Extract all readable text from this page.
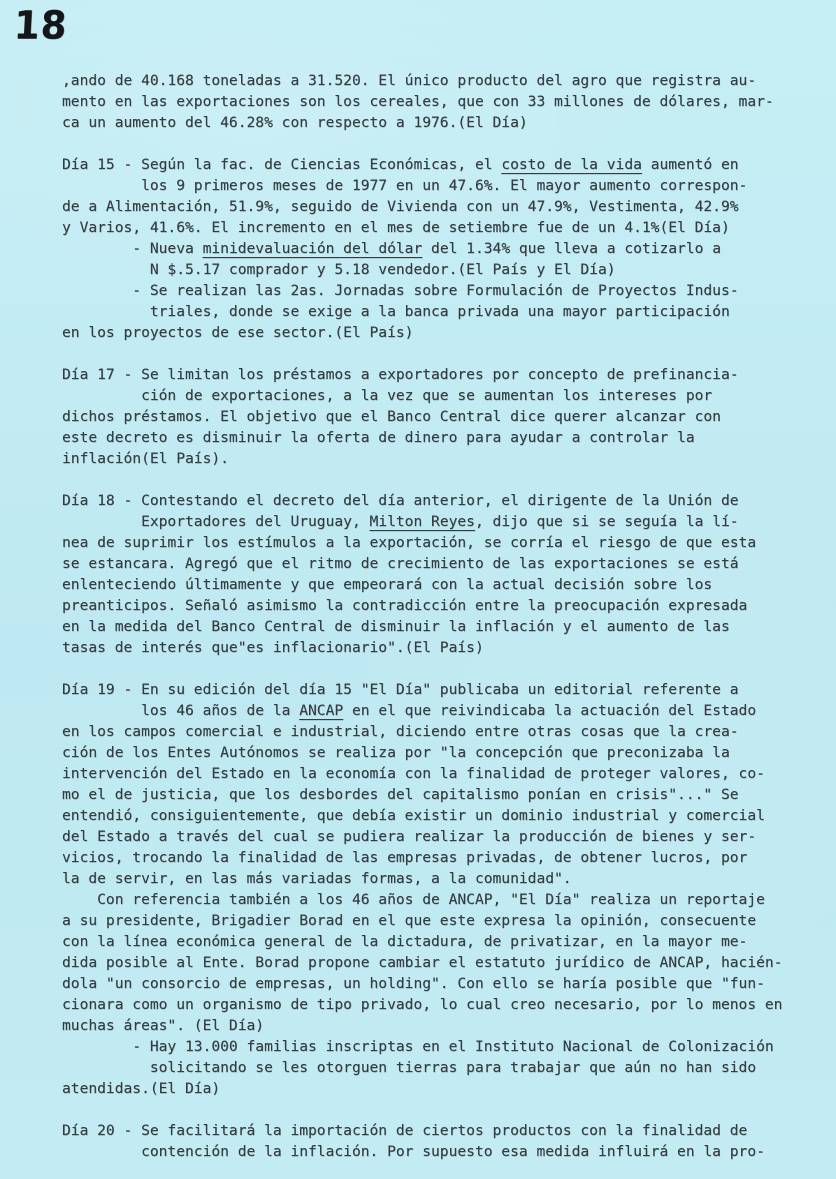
18
,ando de 40.168 toneladas a 31.520. El único producto del agro que registra au-
mento en las exportaciones son los cereales, que con 33 millones de dólares, mar-
ca un aumento del 46.28% con respecto a 1976.(El Día)
Día 15 - Según la fac. de Ciencias Económicas, el costo de la vida aumentó en
los 9 primeros meses de 1977 en un 47.6%. El mayor aumento correspon-
de a Alimentación, 51.9%, seguido de Vivienda con un 47.9%, Vestimenta, 42.9%
y Varios, 41.6%. El incremento en el mes de setiembre fue de un 4.1%(El Día)
- Nueva minidevaluación del dólar del 1.34% que lleva a cotizarlo a
N $.5.17 comprador y 5.18 vendedor.(El País y El Día)
- Se realizan las 2as. Jornadas sobre Formulación de Proyectos Indus-
triales, donde se exige a la banca privada una mayor participación
en los proyectos de ese sector.(El País)
Día 17 - Se limitan los préstamos a exportadores por concepto de prefinancia-
ción de exportaciones, a la vez que se aumentan los intereses por
dichos préstamos. El objetivo que el Banco Central dice querer alcanzar con
este decreto es disminuir la oferta de dinero para ayudar a controlar la
inflación(El País).
Día 18 - Contestando el decreto del día anterior, el dirigente de la Unión de
Exportadores del Uruguay, Milton Reyes, dijo que si se seguía la lí-
nea de suprimir los estímulos a la exportación, se corría el riesgo de que esta
se estancara. Agregó que el ritmo de crecimiento de las exportaciones se está
enlenteciendo últimamente y que empeorará con la actual decisión sobre los
preanticipos. Señaló asimismo la contradicción entre la preocupación expresada
en la medida del Banco Central de disminuir la inflación y el aumento de las
tasas de interés que"es inflacionario".(El País)
Día 19 - En su edición del día 15 "El Día" publicaba un editorial referente a
los 46 años de la ANCAP en el que reivindicaba la actuación del Estado
en los campos comercial e industrial, diciendo entre otras cosas que la crea-
ción de los Entes Autónomos se realiza por "la concepción que preconizaba la
intervención del Estado en la economía con la finalidad de proteger valores, co-
mo el de justicia, que los desbordes del capitalismo ponían en crisis"..." Se
entendió, consiguientemente, que debía existir un dominio industrial y comercial
del Estado a través del cual se pudiera realizar la producción de bienes y ser-
vicios, trocando la finalidad de las empresas privadas, de obtener lucros, por
la de servir, en las más variadas formas, a la comunidad".
Con referencia también a los 46 años de ANCAP, "El Día" realiza un reportaje
a su presidente, Brigadier Borad en el que este expresa la opinión, consecuente
con la línea económica general de la dictadura, de privatizar, en la mayor me-
dida posible al Ente. Borad propone cambiar el estatuto jurídico de ANCAP, hacién-
dola "un consorcio de empresas, un holding". Con ello se haría posible que "fun-
cionara como un organismo de tipo privado, lo cual creo necesario, por lo menos en
muchas áreas". (El Día)
- Hay 13.000 familias inscriptas en el Instituto Nacional de Colonización
solicitando se les otorguen tierras para trabajar que aún no han sido
atendidas.(El Día)
Día 20 - Se facilitará la importación de ciertos productos con la finalidad de
contención de la inflación. Por supuesto esa medida influirá en la pro-
